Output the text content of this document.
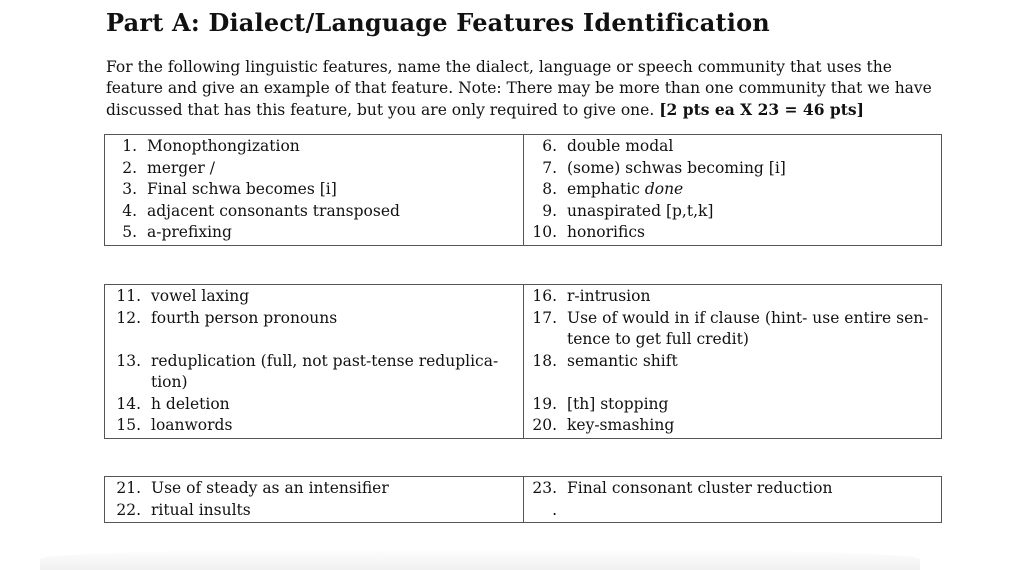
Part A: Dialect/Language Features Identification

For the following linguistic features, name the dialect, language or speech community that uses the feature and give an example of that feature. Note: There may be more than one community that we have discussed that has this feature, but you are only required to give one. [2 pts ea X 23 = 46 pts]

1.	Monopthongization	6.	double modal
2.	merger /	7.	(some) schwas becoming [i]
3.	Final schwa becomes [i]	8.	emphatic done
4.	adjacent consonants transposed	9.	unaspirated [p,t,k]
5.	a-prefixing	10.	honorifics
11.	vowel laxing	16.	r-intrusion
12.	fourth person pronouns	17.	Use of would in if clause (hint- use entire sen- tence to get full credit)
13.	reduplication (full, not past-tense reduplica- tion)	18.	semantic shift
14.	h deletion	19.	[th] stopping
15.	loanwords	20.	key-smashing
21.	Use of steady as an intensifier	23.	Final consonant cluster reduction
22.	ritual insults	.	
